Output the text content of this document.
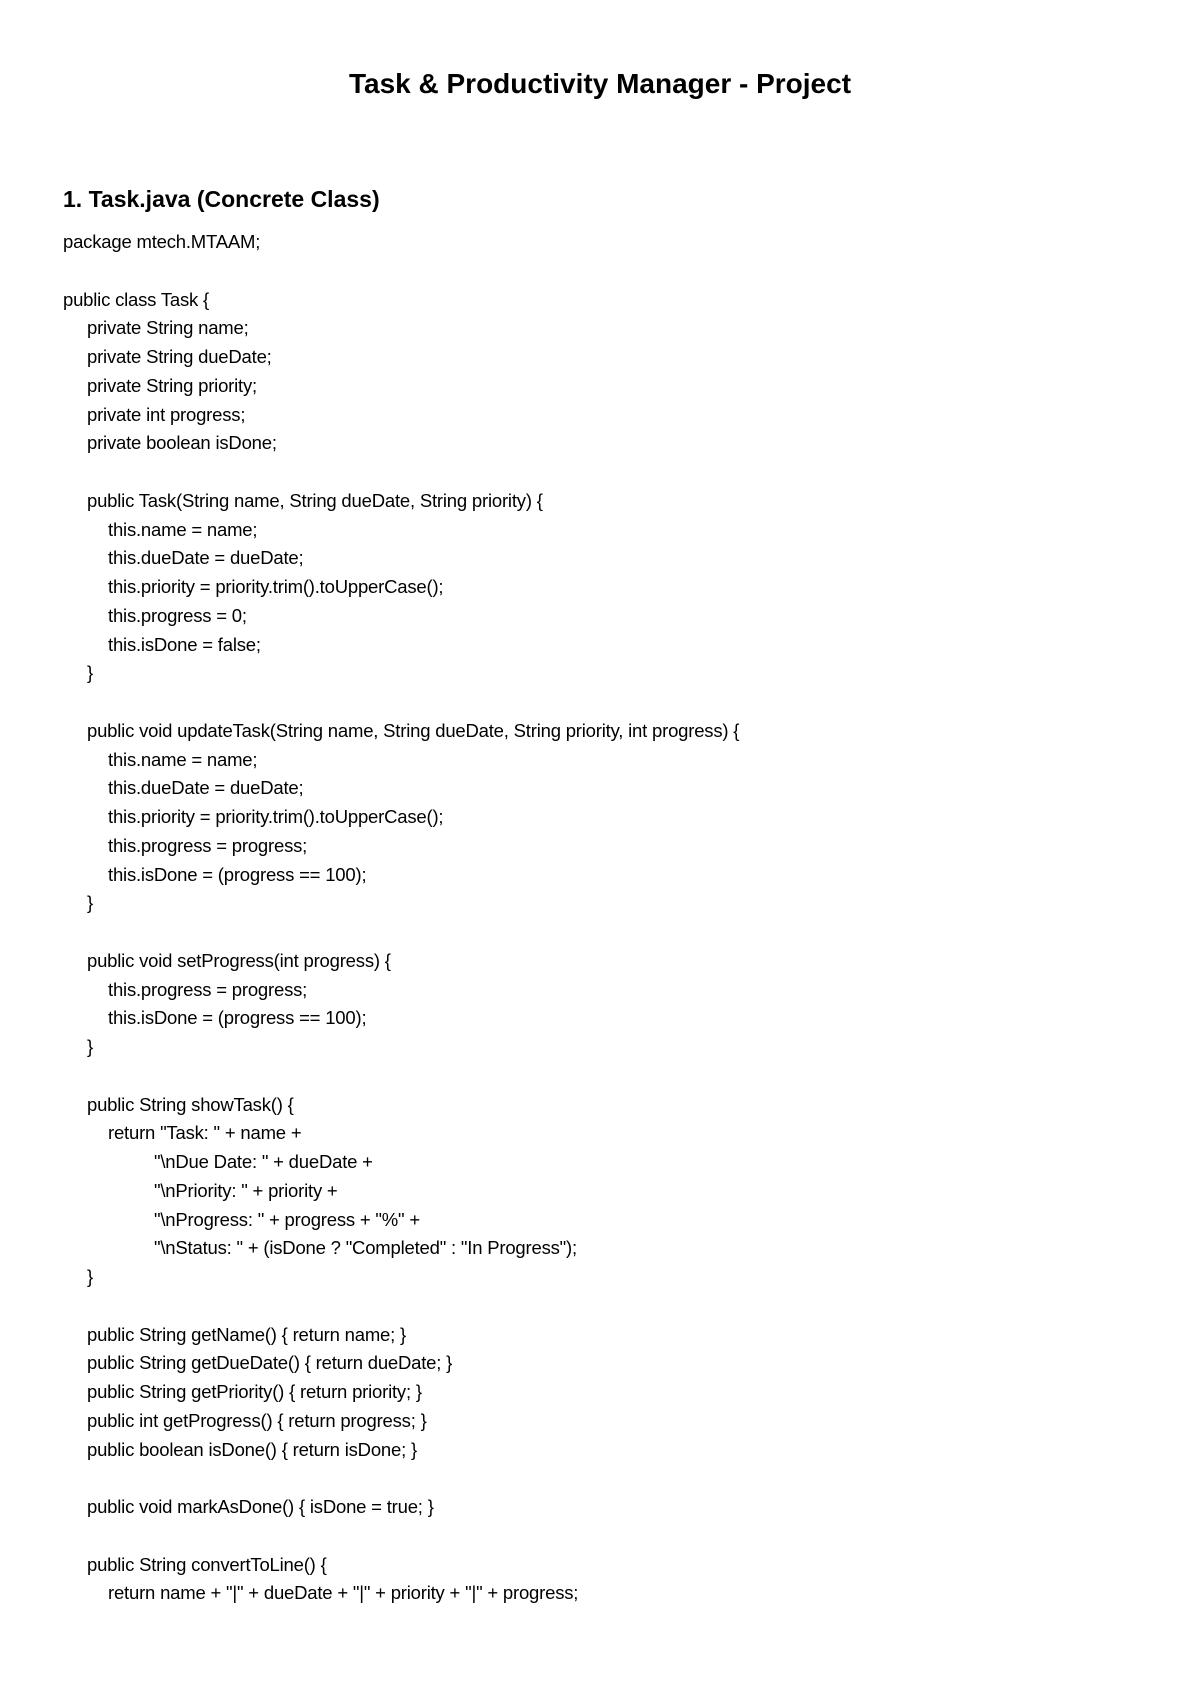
Task & Productivity Manager - Project
1. Task.java (Concrete Class)
package mtech.MTAAM;
public class Task {
private String name;
private String dueDate;
private String priority;
private int progress;
private boolean isDone;
public Task(String name, String dueDate, String priority) {
this.name = name;
this.dueDate = dueDate;
this.priority = priority.trim().toUpperCase();
this.progress = 0;
this.isDone = false;
}
public void updateTask(String name, String dueDate, String priority, int progress) {
this.name = name;
this.dueDate = dueDate;
this.priority = priority.trim().toUpperCase();
this.progress = progress;
this.isDone = (progress == 100);
}
public void setProgress(int progress) {
this.progress = progress;
this.isDone = (progress == 100);
}
public String showTask() {
return "Task: " + name +
"\nDue Date: " + dueDate +
"\nPriority: " + priority +
"\nProgress: " + progress + "%" +
"\nStatus: " + (isDone ? "Completed" : "In Progress");
}
public String getName() { return name; }
public String getDueDate() { return dueDate; }
public String getPriority() { return priority; }
public int getProgress() { return progress; }
public boolean isDone() { return isDone; }
public void markAsDone() { isDone = true; }
public String convertToLine() {
return name + "|" + dueDate + "|" + priority + "|" + progress;
